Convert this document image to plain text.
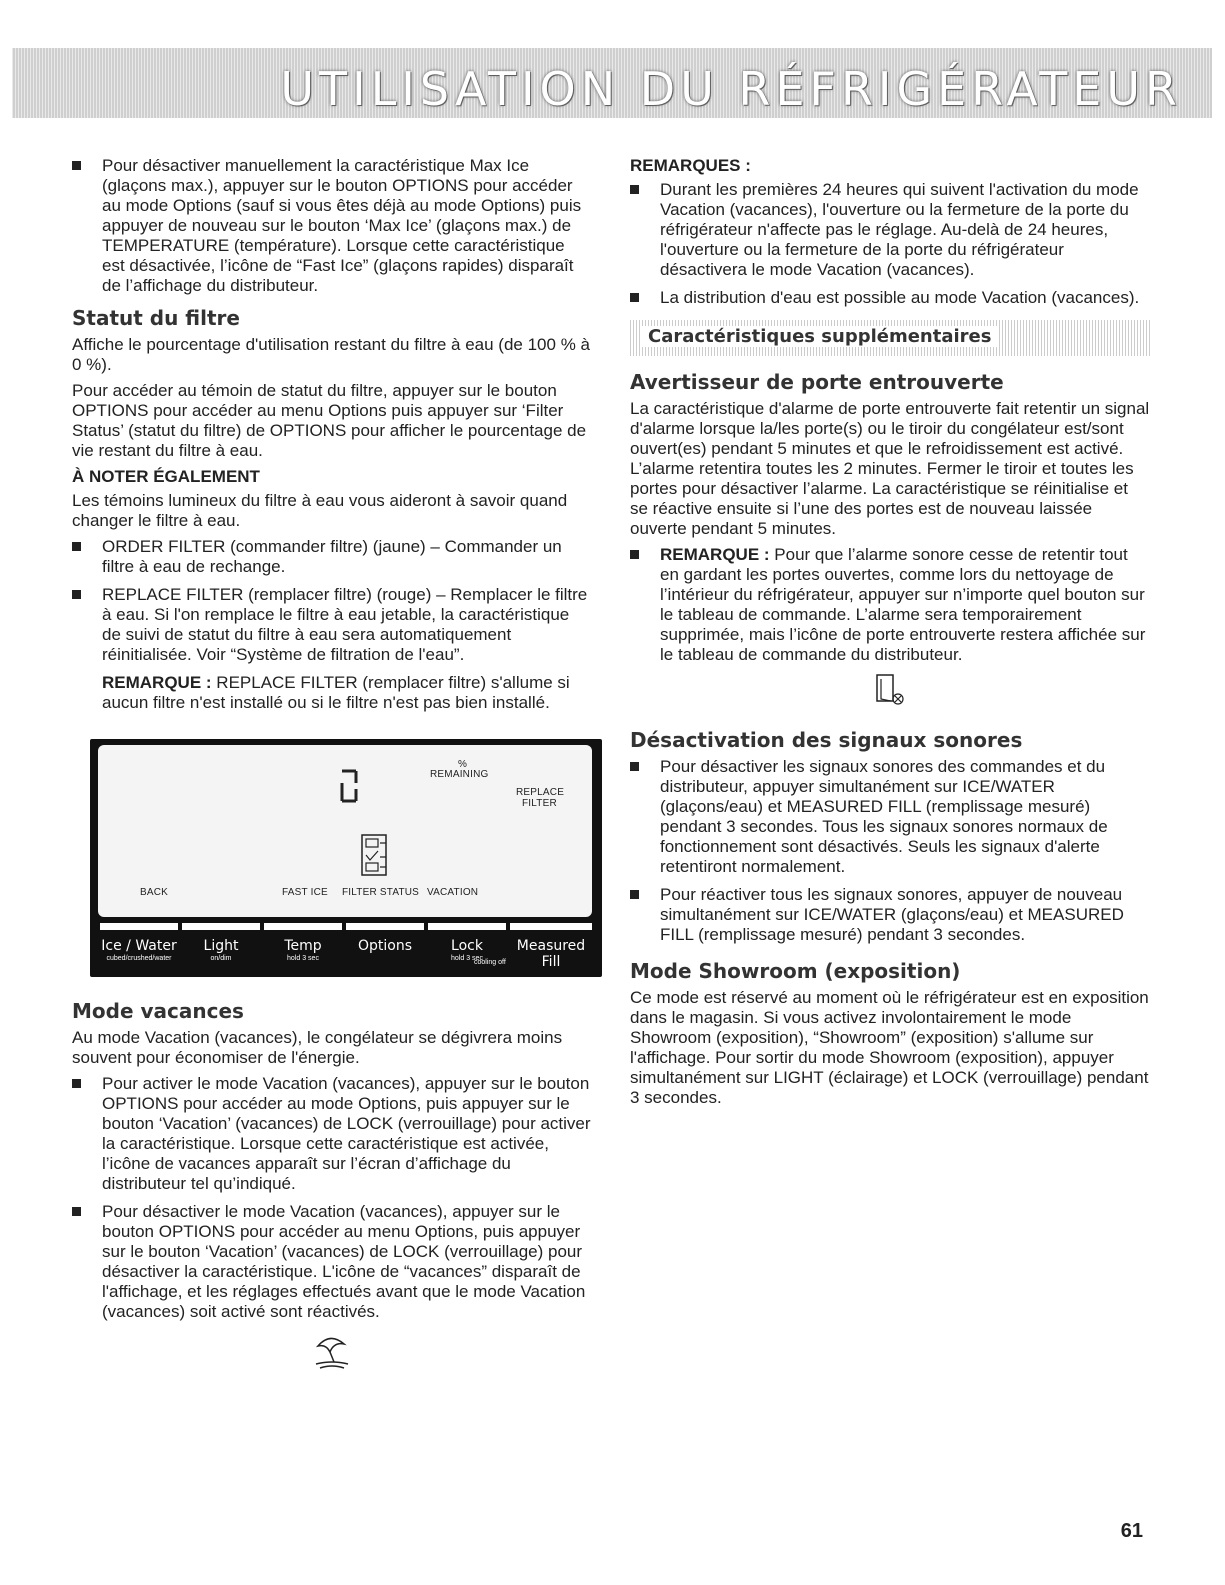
UTILISATION DU RÉFRIGÉRATEUR
Pour désactiver manuellement la caractéristique Max Ice (glaçons max.), appuyer sur le bouton OPTIONS pour accéder au mode Options (sauf si vous êtes déjà au mode Options) puis appuyer de nouveau sur le bouton ‘Max Ice’ (glaçons max.) de TEMPERATURE (température). Lorsque cette caractéristique est désactivée, l’icône de “Fast Ice” (glaçons rapides) disparaît de l’affichage du distributeur.
Statut du filtre

Affiche le pourcentage d'utilisation restant du filtre à eau (de 100 % à 0 %).

Pour accéder au témoin de statut du filtre, appuyer sur le bouton OPTIONS pour accéder au menu Options puis appuyer sur ‘Filter Status’ (statut du filtre) de OPTIONS pour afficher le pourcentage de vie restant du filtre à eau.

À NOTER ÉGALEMENT

Les témoins lumineux du filtre à eau vous aideront à savoir quand changer le filtre à eau.

ORDER FILTER (commander filtre) (jaune) – Commander un filtre à eau de rechange.
REPLACE FILTER (remplacer filtre) (rouge) – Remplacer le filtre à eau. Si l'on remplace le filtre à eau jetable, la caractéristique de suivi de statut du filtre à eau sera automatiquement réinitialisée. Voir “Système de filtration de l'eau”.

REMARQUE : REPLACE FILTER (remplacer filtre) s'allume si aucun filtre n'est installé ou si le filtre n'est pas bien installé.

%
REMAINING
REPLACE
FILTER
BACK	FAST ICE FILTER STATUS VACATION
Ice / Water
cubed/crushed/water
Light
on/dim
Temp
hold 3 sec
Options	Lock
hold 3 sec
Measured Fill
cooling off
Mode vacances

Au mode Vacation (vacances), le congélateur se dégivrera moins souvent pour économiser de l'énergie.

Pour activer le mode Vacation (vacances), appuyer sur le bouton OPTIONS pour accéder au mode Options, puis appuyer sur le bouton ‘Vacation’ (vacances) de LOCK (verrouillage) pour activer la caractéristique. Lorsque cette caractéristique est activée, l’icône de vacances apparaît sur l’écran d’affichage du distributeur tel qu’indiqué.
Pour désactiver le mode Vacation (vacances), appuyer sur le bouton OPTIONS pour accéder au menu Options, puis appuyer sur le bouton ‘Vacation’ (vacances) de LOCK (verrouillage) pour désactiver la caractéristique. L'icône de “vacances” disparaît de l'affichage, et les réglages effectués avant que le mode Vacation (vacances) soit activé sont réactivés.
REMARQUES :
Durant les premières 24 heures qui suivent l'activation du mode Vacation (vacances), l'ouverture ou la fermeture de la porte du réfrigérateur n'affecte pas le réglage. Au-delà de 24 heures, l'ouverture ou la fermeture de la porte du réfrigérateur désactivera le mode Vacation (vacances).
La distribution d'eau est possible au mode Vacation (vacances).
Caractéristiques supplémentaires
Avertisseur de porte entrouverte

La caractéristique d'alarme de porte entrouverte fait retentir un signal d'alarme lorsque la/les porte(s) ou le tiroir du congélateur est/sont ouvert(es) pendant 5 minutes et que le refroidissement est activé. L’alarme retentira toutes les 2 minutes. Fermer le tiroir et toutes les portes pour désactiver l’alarme. La caractéristique se réinitialise et se réactive ensuite si l’une des portes est de nouveau laissée ouverte pendant 5 minutes.

REMARQUE : Pour que l’alarme sonore cesse de retentir tout en gardant les portes ouvertes, comme lors du nettoyage de l’intérieur du réfrigérateur, appuyer sur n’importe quel bouton sur le tableau de commande. L’alarme sera temporairement supprimée, mais l’icône de porte entrouverte restera affichée sur le tableau de commande du distributeur.
Désactivation des signaux sonores
Pour désactiver les signaux sonores des commandes et du distributeur, appuyer simultanément sur ICE/WATER (glaçons/eau) et MEASURED FILL (remplissage mesuré) pendant 3 secondes. Tous les signaux sonores normaux de fonctionnement sont désactivés. Seuls les signaux d'alerte retentiront normalement.
Pour réactiver tous les signaux sonores, appuyer de nouveau simultanément sur ICE/WATER (glaçons/eau) et MEASURED FILL (remplissage mesuré) pendant 3 secondes.
Mode Showroom (exposition)

Ce mode est réservé au moment où le réfrigérateur est en exposition dans le magasin. Si vous activez involontairement le mode Showroom (exposition), “Showroom” (exposition) s'allume sur l'affichage. Pour sortir du mode Showroom (exposition), appuyer simultanément sur LIGHT (éclairage) et LOCK (verrouillage) pendant 3 secondes.

61
